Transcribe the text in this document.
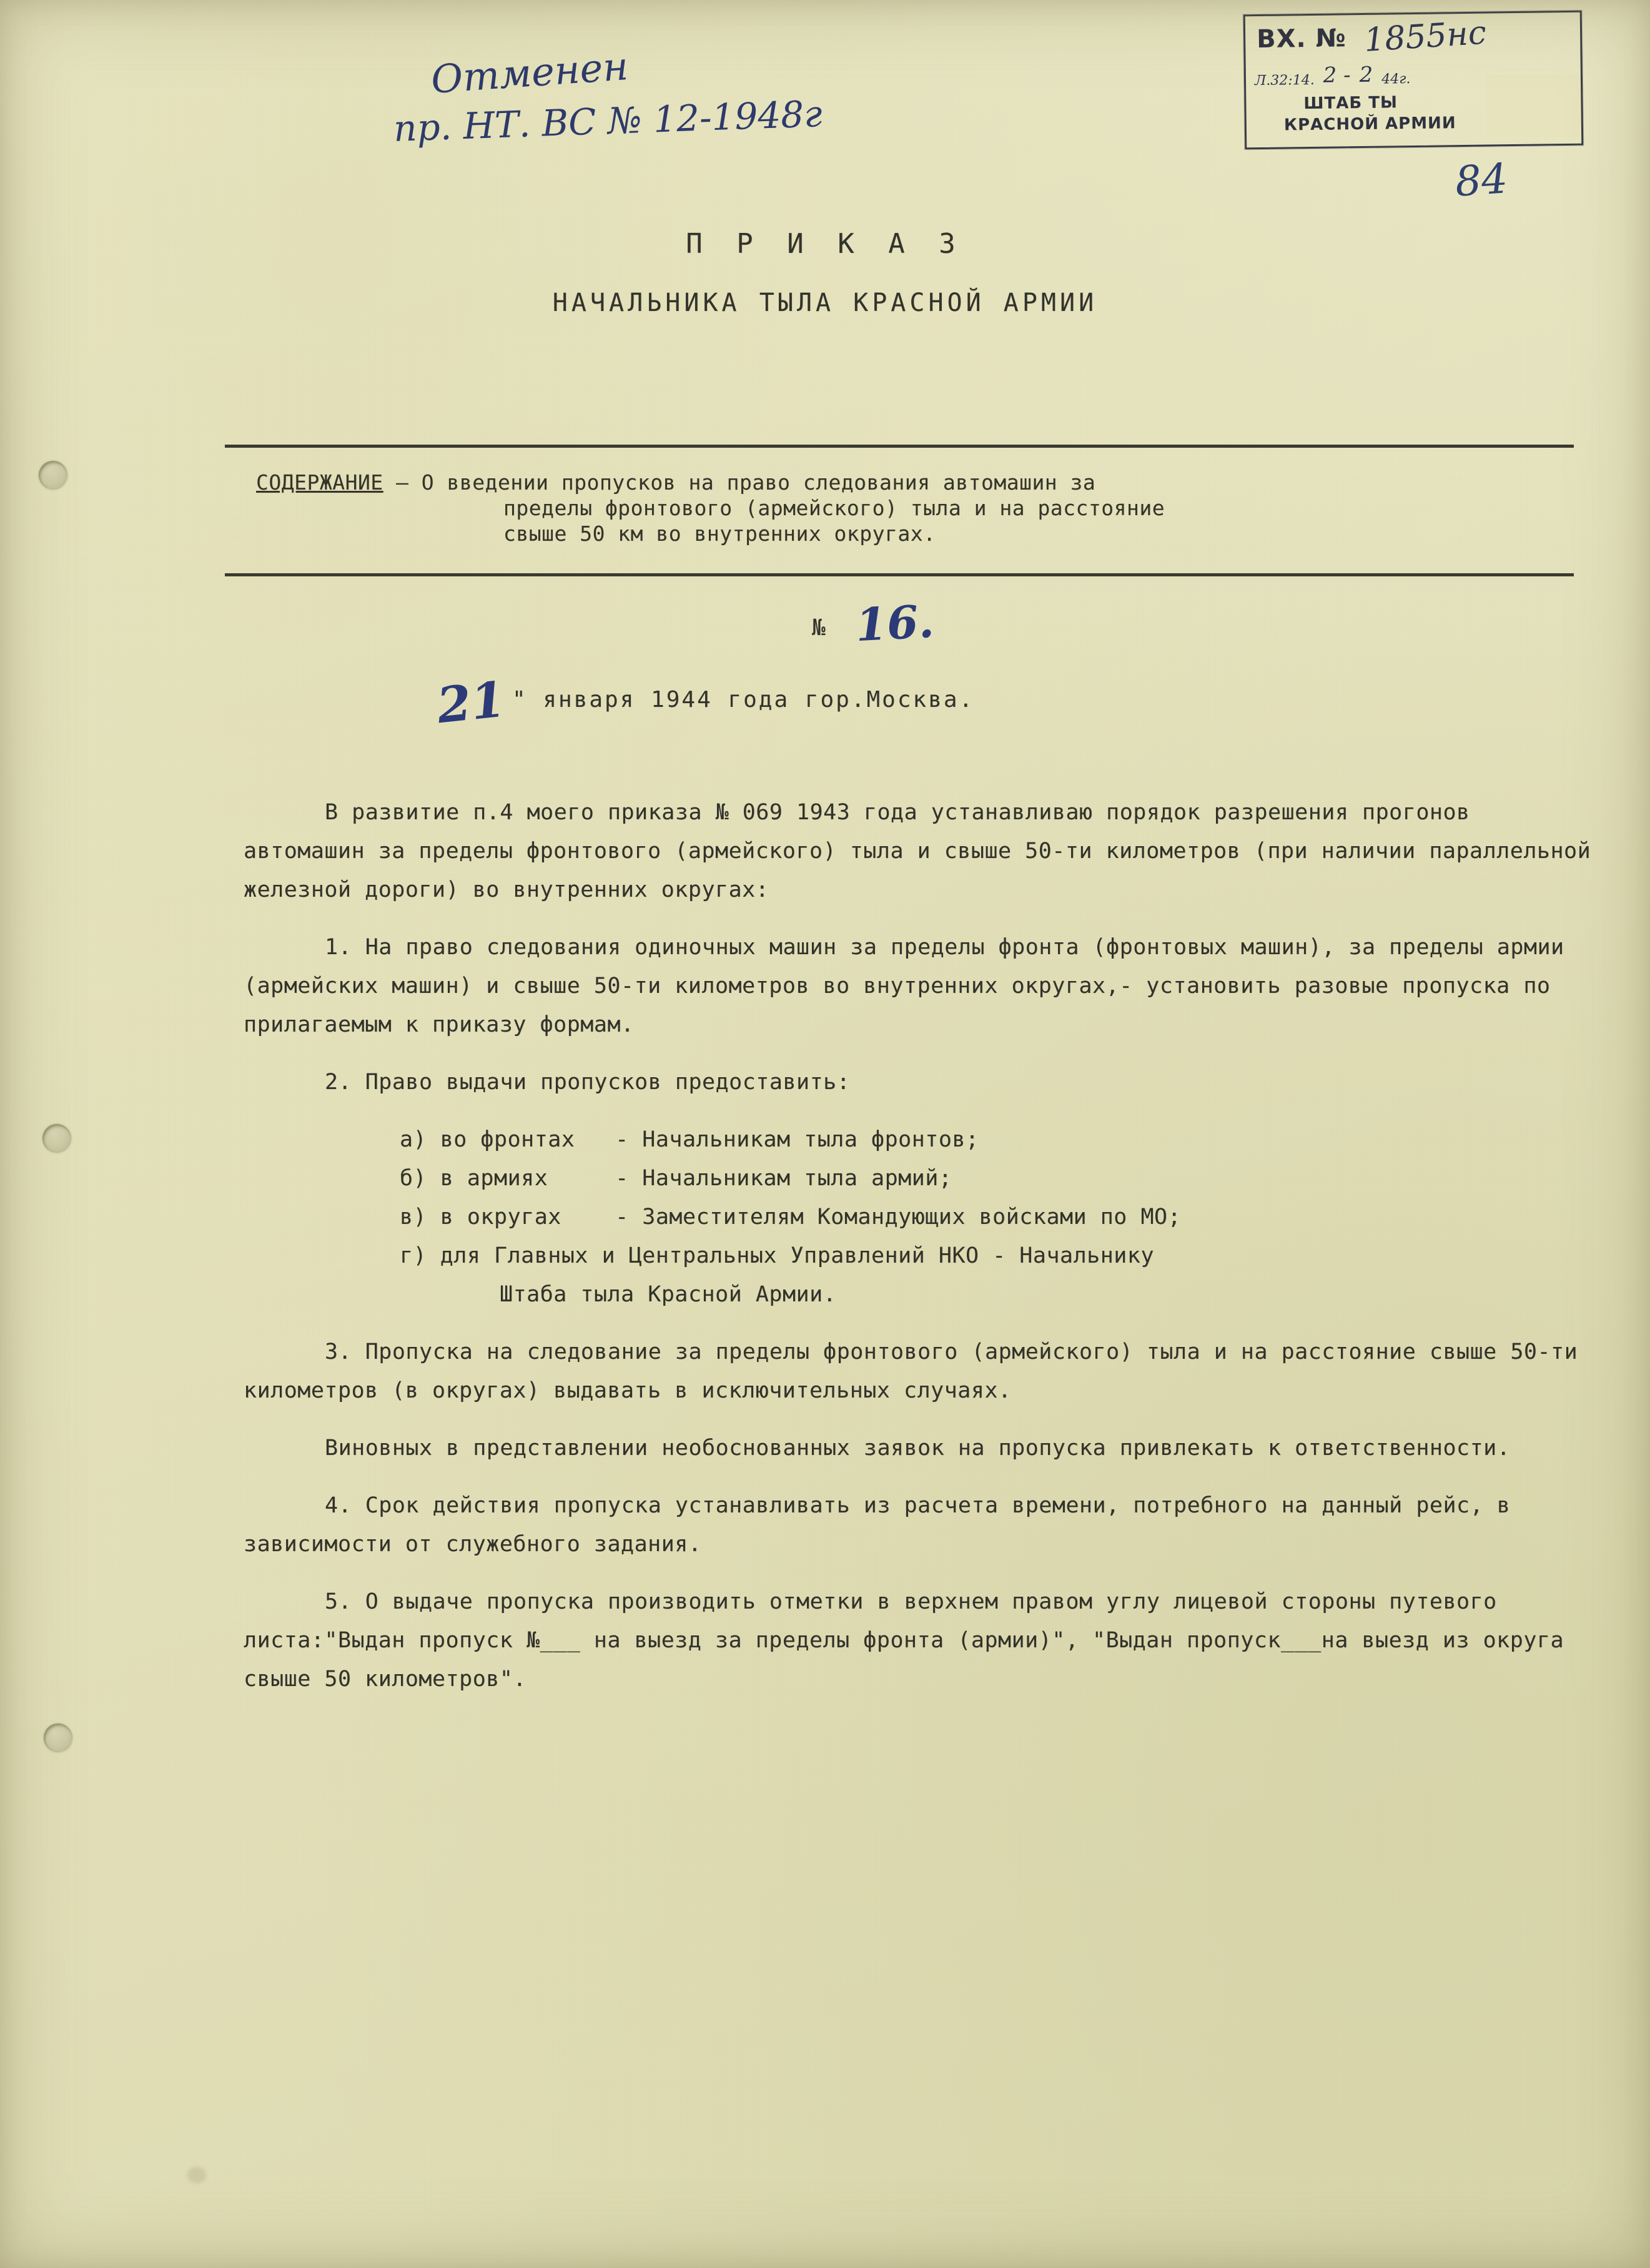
ВХ. № 1855нс
Л.32:14. 2 - 2 44г.
ШТАБ ТЫ
КРАСНОЙ АРМИИ
Отменен
пр. НТ. ВС № 12-1948г
84
П Р И К А З
НАЧАЛЬНИКА ТЫЛА КРАСНОЙ АРМИИ
СОДЕРЖАНИЕ – О введении пропусков на право следования автомашин за
пределы фронтового (армейского) тыла и на расстояние
свыше 50 км во внутренних округах.
№ 16.
21 " января 1944 года гор.Москва.

В развитие п.4 моего приказа № 069 1943 года устанавливаю порядок разрешения прогонов автомашин за пределы фронтового (армейского) тыла и свыше 50-ти километров (при наличии параллельной железной дороги) во внутренних округах:

1. На право следования одиночных машин за пределы фронта (фронтовых машин), за пределы армии (армейских машин) и свыше 50-ти километров во внутренних округах,- установить разовые пропуска по прилагаемым к приказу формам.

2. Право выдачи пропусков предоставить:

а) во фронтах   - Начальникам тыла фронтов;
б) в армиях     - Начальникам тыла армий;
в) в округах    - Заместителям Командующих войсками по МО;
г) для Главных и Центральных Управлений НКО - Начальнику
Штаба тыла Красной Армии.

3. Пропуска на следование за пределы фронтового (армейского) тыла и на расстояние свыше 50-ти километров (в округах) выдавать в исключительных случаях.

Виновных в представлении необоснованных заявок на пропуска привлекать к ответственности.

4. Срок действия пропуска устанавливать из расчета времени, потребного на данный рейс, в зависимости от служебного задания.

5. О выдаче пропуска производить отметки в верхнем правом углу лицевой стороны путевого листа:"Выдан пропуск №___ на выезд за пределы фронта (армии)", "Выдан пропуск___на выезд из округа свыше 50 километров".
